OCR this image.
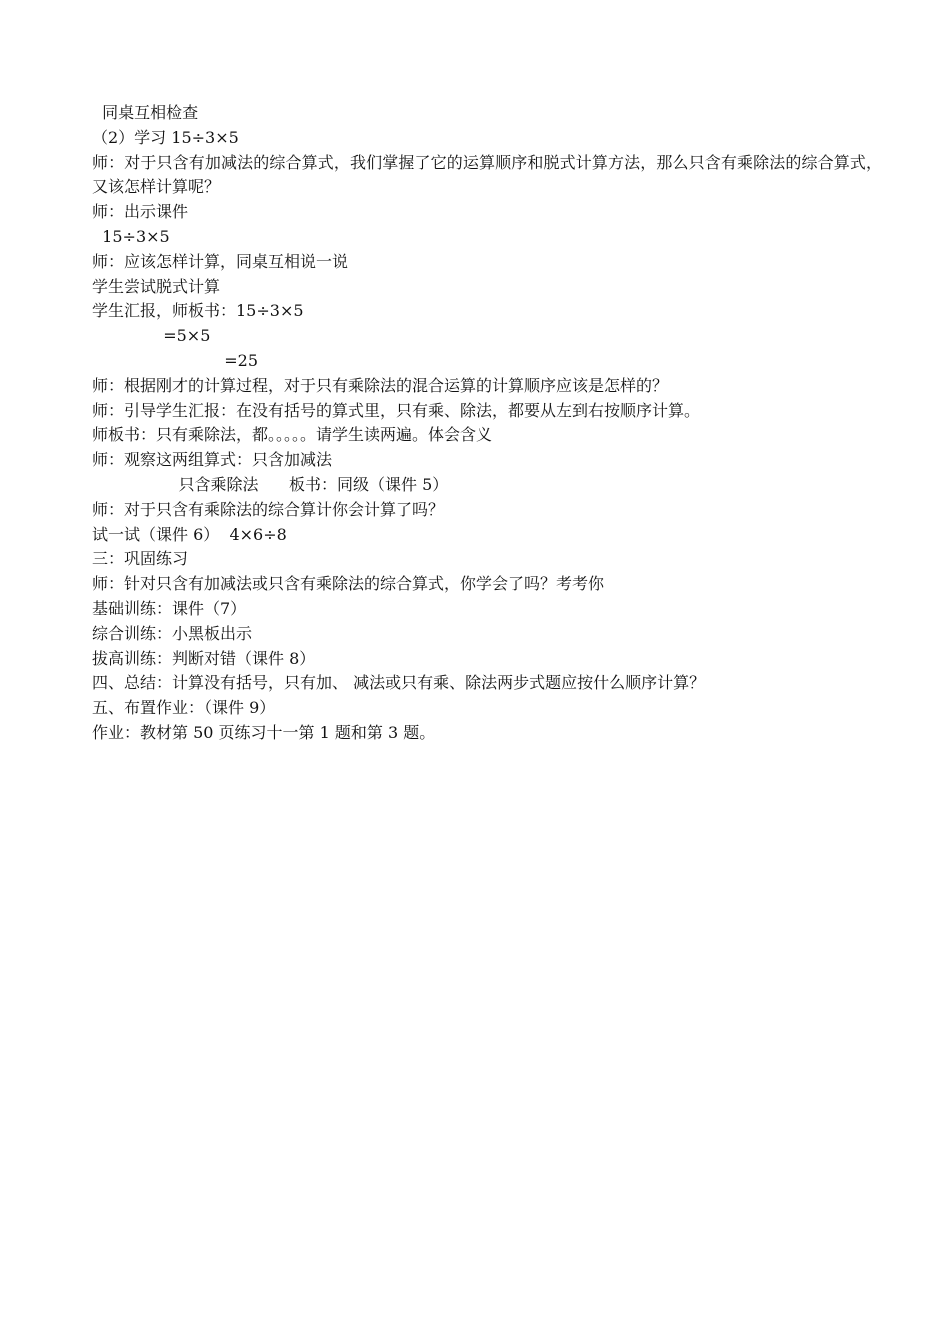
同桌互相检查
（2）学习 15÷3×5
师：对于只含有加减法的综合算式，我们掌握了它的运算顺序和脱式计算方法，那么只含有乘除法的综合算式，又该怎样计算呢？
师：出示课件
15÷3×5
师：应该怎样计算，同桌互相说一说
学生尝试脱式计算
学生汇报，师板书：15÷3×5
=5×5
=25
师：根据刚才的计算过程，对于只有乘除法的混合运算的计算顺序应该是怎样的？
师：引导学生汇报：在没有括号的算式里，只有乘、除法，都要从左到右按顺序计算。
师板书：只有乘除法，都。。。。。请学生读两遍。体会含义
师：观察这两组算式：只含加减法
只含乘除法      板书：同级（课件 5）
师：对于只含有乘除法的综合算计你会计算了吗？
试一试（课件 6）  4×6÷8
三：巩固练习
师：针对只含有加减法或只含有乘除法的综合算式，你学会了吗？考考你
基础训练：课件（7）
综合训练：小黑板出示
拔高训练：判断对错（课件 8）
四、总结：计算没有括号，只有加、 减法或只有乘、除法两步式题应按什么顺序计算？
五、布置作业：（课件 9）
作业：教材第 50 页练习十一第 1 题和第 3 题。
